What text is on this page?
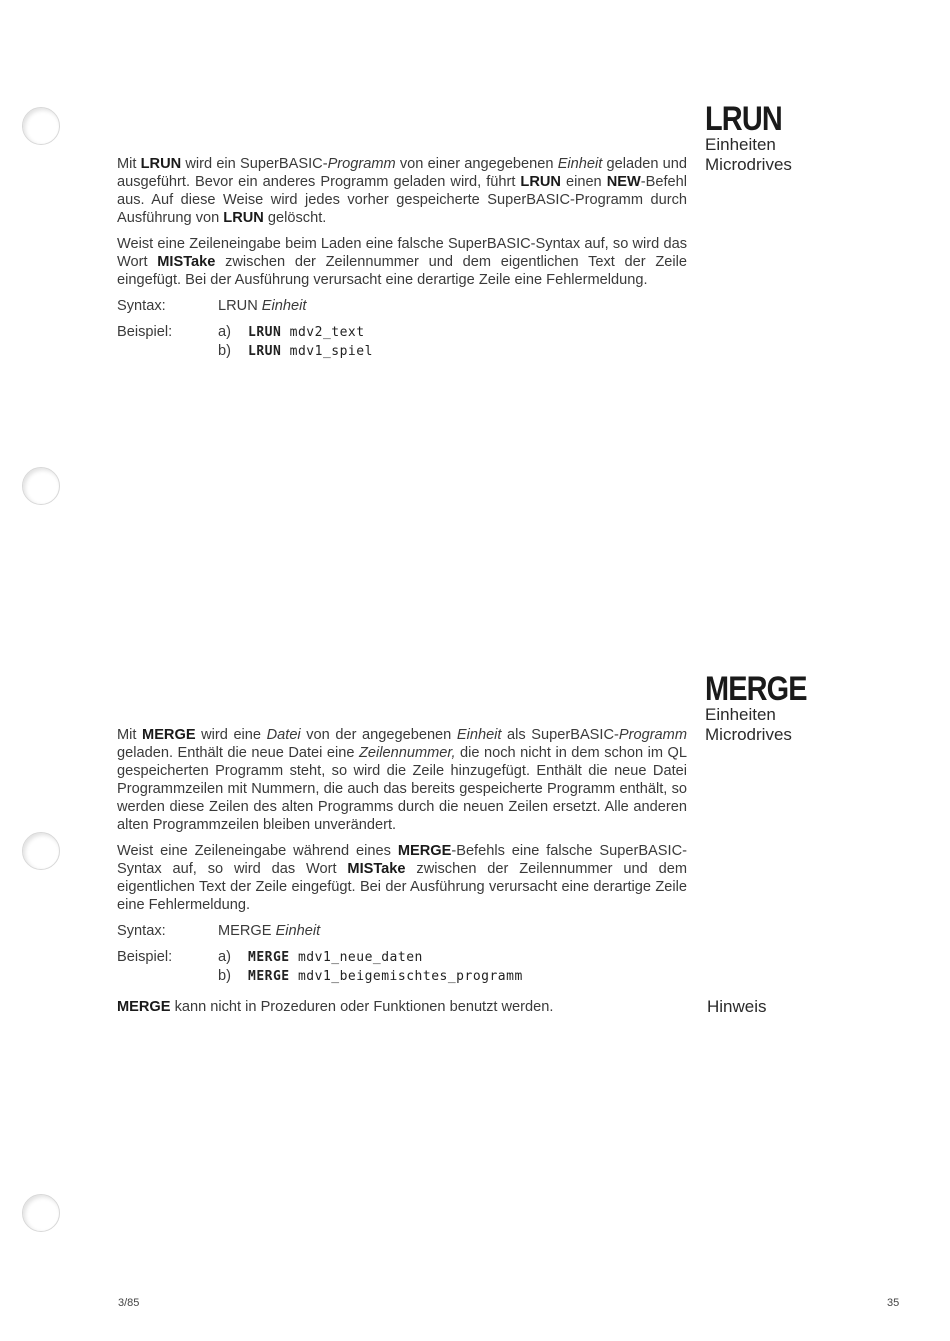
LRUN
Einheiten
Microdrives

Mit LRUN wird ein SuperBASIC-Programm von einer angegebenen Einheit geladen und ausgeführt. Bevor ein anderes Programm geladen wird, führt LRUN einen NEW-Befehl aus. Auf diese Weise wird jedes vorher gespeicherte SuperBASIC-Programm durch Ausführung von LRUN gelöscht.

Weist eine Zeileneingabe beim Laden eine falsche SuperBASIC-Syntax auf, so wird das Wort MISTake zwischen der Zeilennummer und dem eigentlichen Text der Zeile eingefügt. Bei der Ausführung verursacht eine derartige Zeile eine Fehlermeldung.

Syntax:	LRUN Einheit
Beispiel:	a)	LRUN mdv2_text
b)	LRUN mdv1_spiel
MERGE
Einheiten
Microdrives

Mit MERGE wird eine Datei von der angegebenen Einheit als SuperBASIC-Programm geladen. Enthält die neue Datei eine Zeilennummer, die noch nicht in dem schon im QL gespeicherten Programm steht, so wird die Zeile hinzugefügt. Enthält die neue Datei Programmzeilen mit Nummern, die auch das bereits gespeicherte Programm enthält, so werden diese Zeilen des alten Programms durch die neuen Zeilen ersetzt. Alle anderen alten Programmzeilen bleiben unverändert.

Weist eine Zeileneingabe während eines MERGE-Befehls eine falsche SuperBASIC-Syntax auf, so wird das Wort MISTake zwischen der Zeilennummer und dem eigentlichen Text der Zeile eingefügt. Bei der Ausführung verursacht eine derartige Zeile eine Fehlermeldung.

Syntax:	MERGE Einheit
Beispiel:	a)	MERGE mdv1_neue_daten
b)	MERGE mdv1_beigemischtes_programm

MERGE kann nicht in Prozeduren oder Funktionen benutzt werden.	Hinweis
3/85	35
